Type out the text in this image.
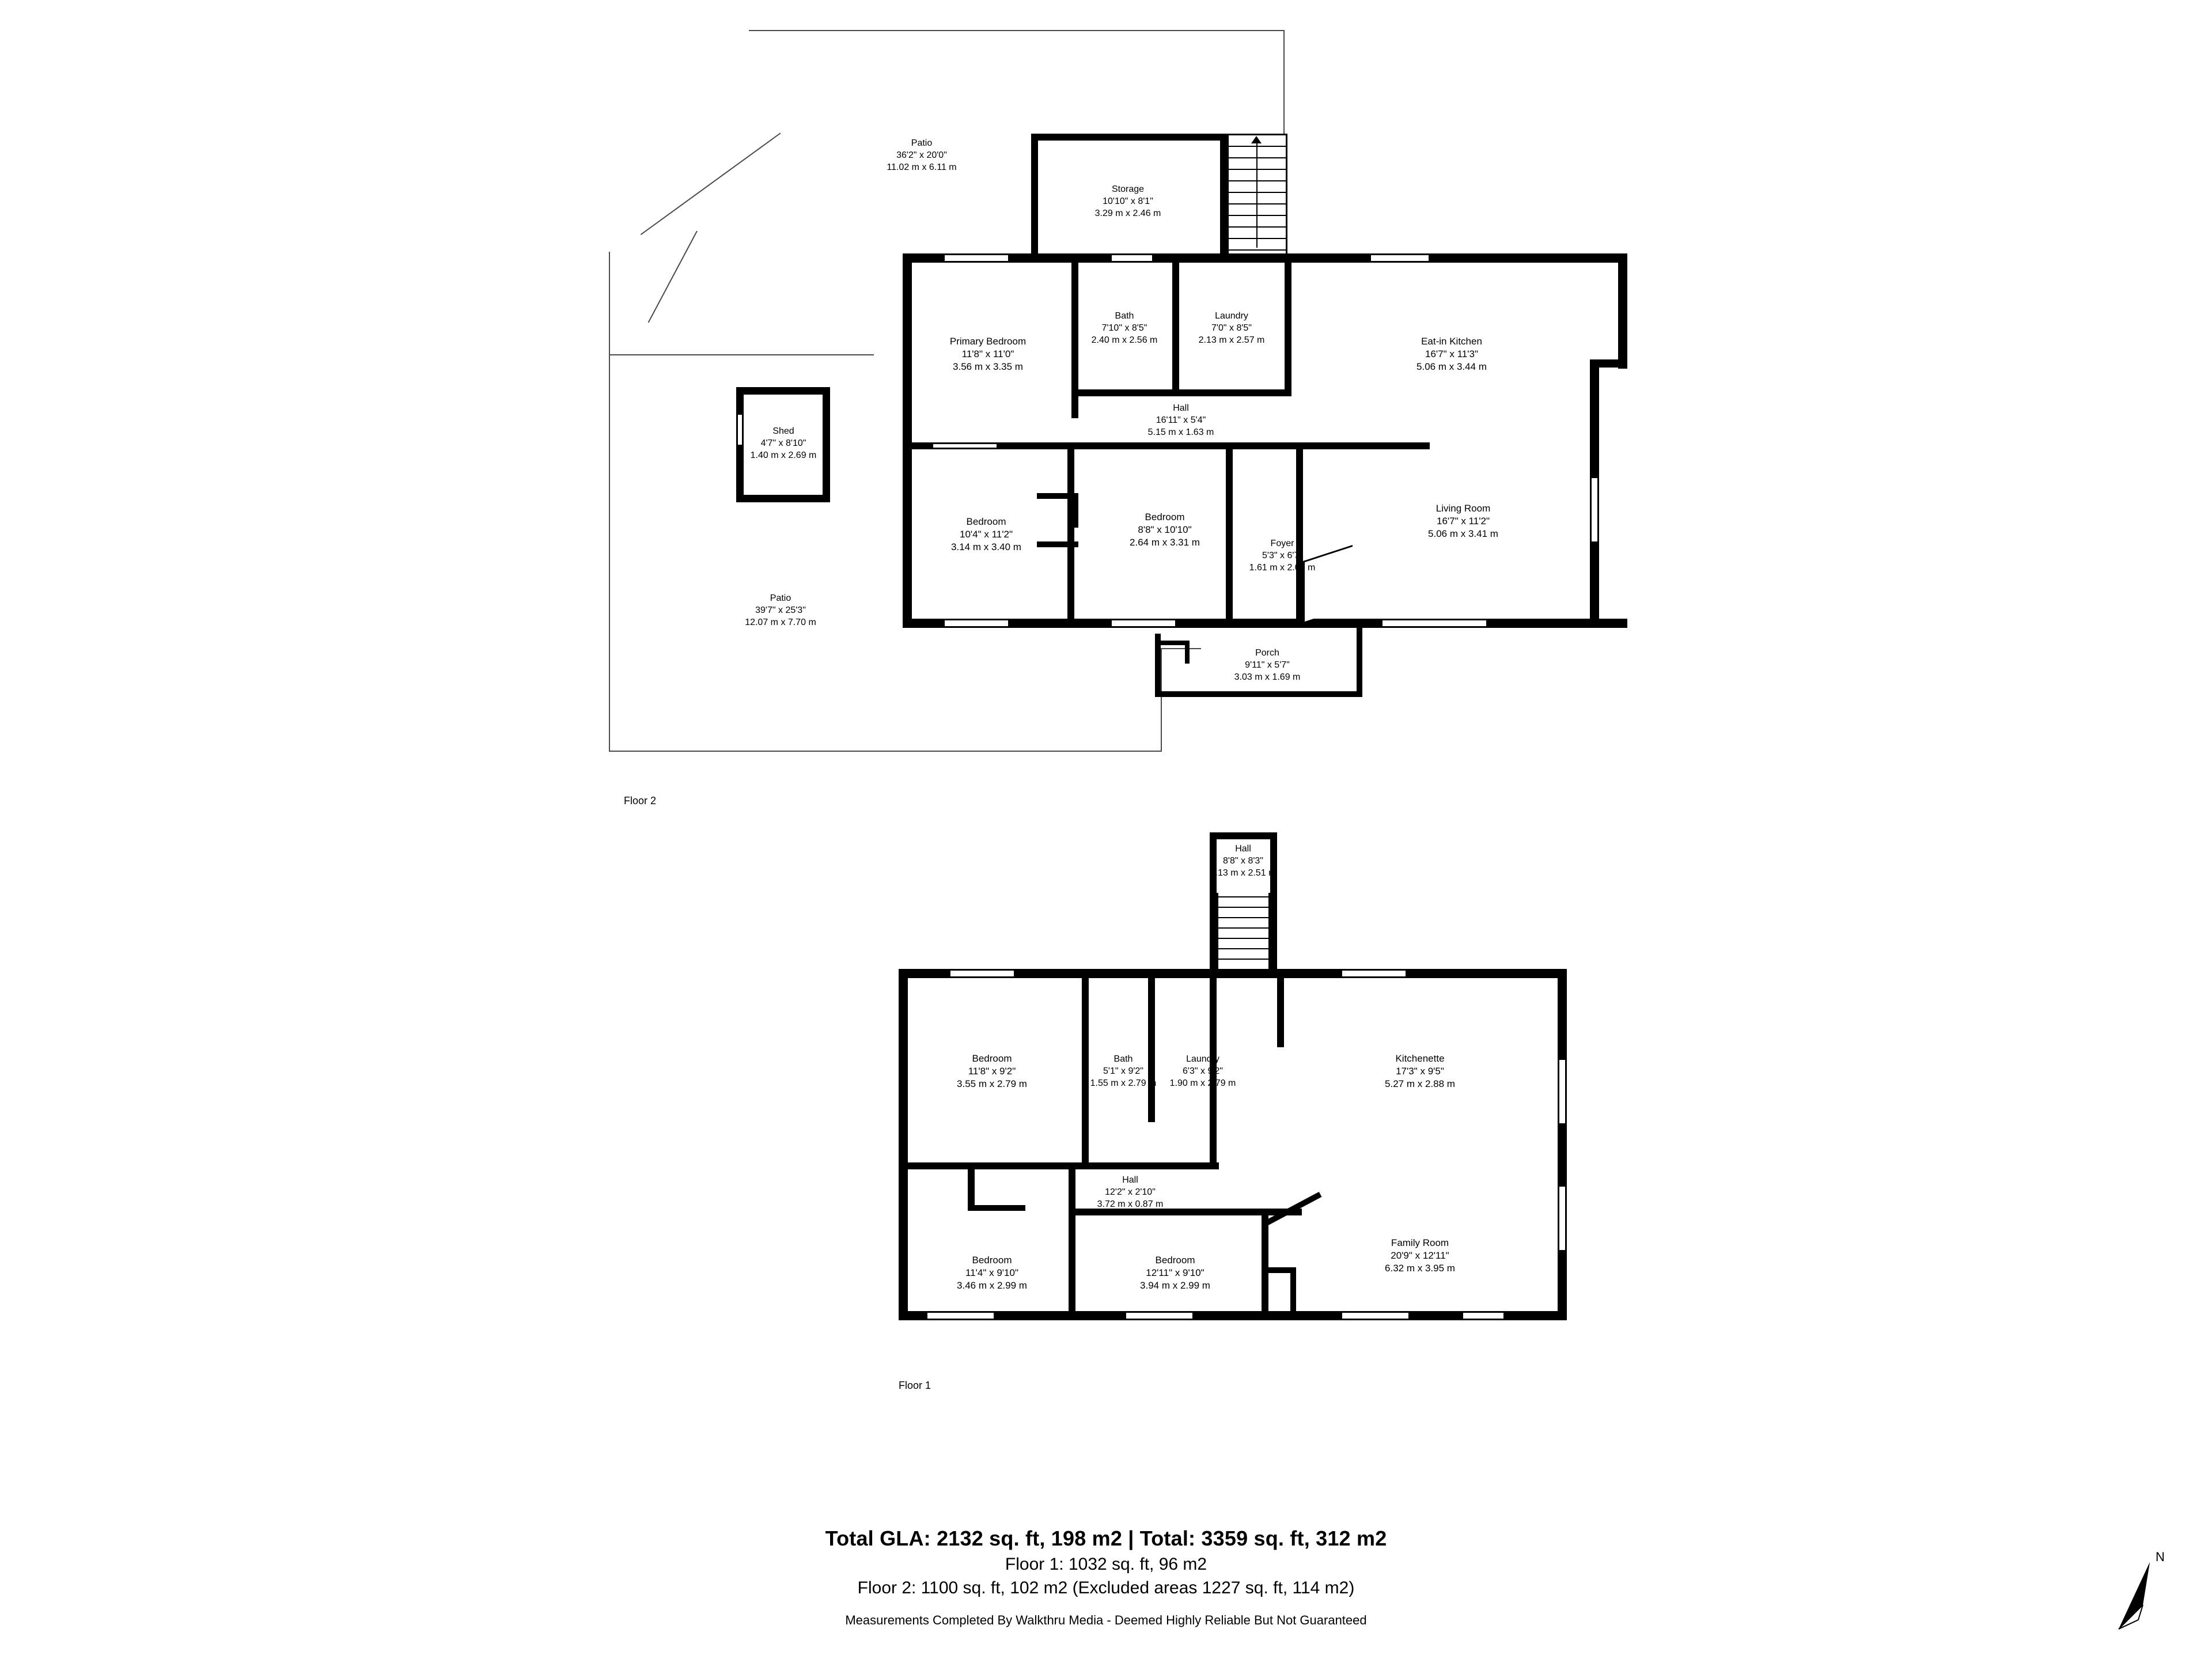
Shed
4'7" x 8'10"
1.40 m x 2.69 m
Storage
10'10" x 8'1"
3.29 m x 2.46 m
Patio
36'2" x 20'0"
11.02 m x 6.11 m
Patio
39'7" x 25'3"
12.07 m x 7.70 m
Porch
9'11" x 5'7"
3.03 m x 1.69 m
Primary Bedroom
11'8" x 11'0"
3.56 m x 3.35 m
Bath
7'10" x 8'5"
2.40 m x 2.56 m
Laundry
7'0" x 8'5"
2.13 m x 2.57 m	Eat-in Kitchen
16'7" x 11'3"
5.06 m x 3.44 m
Hall
16'11" x 5'4"
5.15 m x 1.63 m
Bedroom
10'4" x 11'2"
3.14 m x 3.40 m
Bedroom
8'8" x 10'10"
2.64 m x 3.31 m	Foyer
5'3" x 6'7"
1.61 m x 2.00 m
Living Room
16'7" x 11'2"
5.06 m x 3.41 m
Floor 2
Hall
8'8" x 8'3"
1.13 m x 2.51 m
Bedroom
11'8" x 9'2"
3.55 m x 2.79 m
Bath
5'1" x 9'2"
1.55 m x 2.79 m
Laundry
6'3" x 9'2"
1.90 m x 2.79 m
Kitchenette
17'3" x 9'5"
5.27 m x 2.88 m
Hall
12'2" x 2'10"
3.72 m x 0.87 m
Bedroom
11'4" x 9'10"
3.46 m x 2.99 m
Bedroom
12'11" x 9'10"
3.94 m x 2.99 m
Family Room
20'9" x 12'11"
6.32 m x 3.95 m
Floor 1
Total GLA: 2132 sq. ft, 198 m2 | Total: 3359 sq. ft, 312 m2
Floor 1: 1032 sq. ft, 96 m2
Floor 2: 1100 sq. ft, 102 m2 (Excluded areas 1227 sq. ft, 114 m2)
Measurements Completed By Walkthru Media - Deemed Highly Reliable But Not Guaranteed
N
